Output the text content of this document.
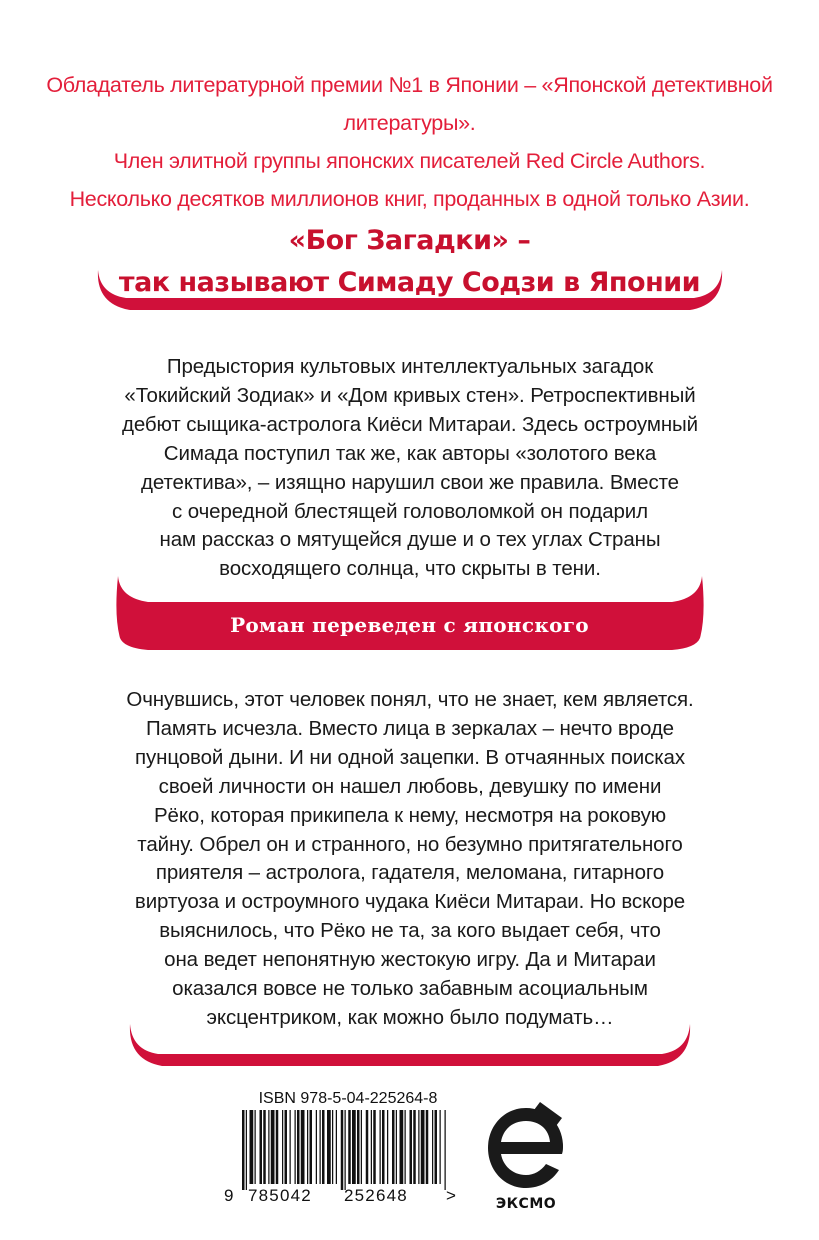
Обладатель литературной премии №1 в Японии – «Японской детективной литературы».
Член элитной группы японских писателей Red Circle Authors.
Несколько десятков миллионов книг, проданных в одной только Азии.
«Бог Загадки» –
так называют Симаду Содзи в Японии
Предыстория культовых интеллектуальных загадок
«Токийский Зодиак» и «Дом кривых стен». Ретроспективный
дебют сыщика-астролога Киёси Митараи. Здесь остроумный
Симада поступил так же, как авторы «золотого века
детектива», – изящно нарушил свои же правила. Вместе
с очередной блестящей головоломкой он подарил
нам рассказ о мятущейся душе и о тех углах Страны
восходящего солнца, что скрыты в тени.
Роман переведен с японского
Очнувшись, этот человек понял, что не знает, кем является.
Память исчезла. Вместо лица в зеркалах – нечто вроде
пунцовой дыни. И ни одной зацепки. В отчаянных поисках
своей личности он нашел любовь, девушку по имени
Рёко, которая прикипела к нему, несмотря на роковую
тайну. Обрел он и странного, но безумно притягательного
приятеля – астролога, гадателя, меломана, гитарного
виртуоза и остроумного чудака Киёси Митараи. Но вскоре
выяснилось, что Рёко не та, за кого выдает себя, что
она ведет непонятную жестокую игру. Да и Митараи
оказался вовсе не только забавным асоциальным
эксцентриком, как можно было подумать…
ISBN 978-5-04-225264-8
9 785042 252648 >	ЭКСМО
